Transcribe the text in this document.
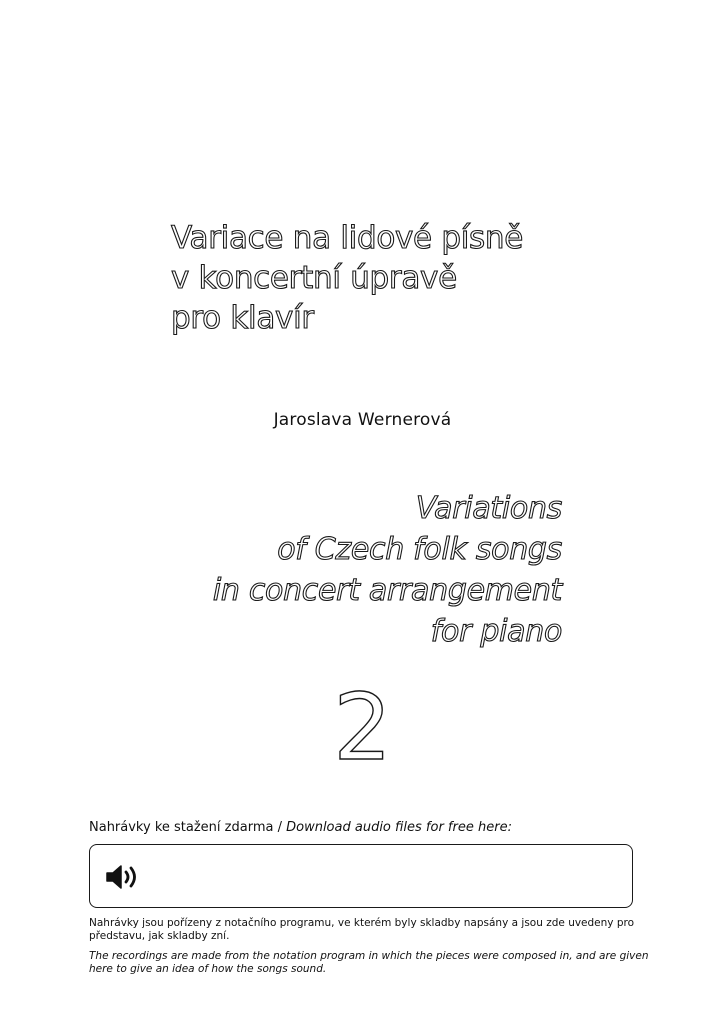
Variace na lidové písně
v koncertní úpravě
pro klavír
Jaroslava Wernerová
Variations
of Czech folk songs
in concert arrangement
for piano
2
Nahrávky ke stažení zdarma / Download audio files for free here:
Nahrávky jsou pořízeny z notačního programu, ve kterém byly skladby napsány a jsou zde uvedeny pro představu, jak skladby zní.
The recordings are made from the notation program in which the pieces were composed in, and are given here to give an idea of how the songs sound.
